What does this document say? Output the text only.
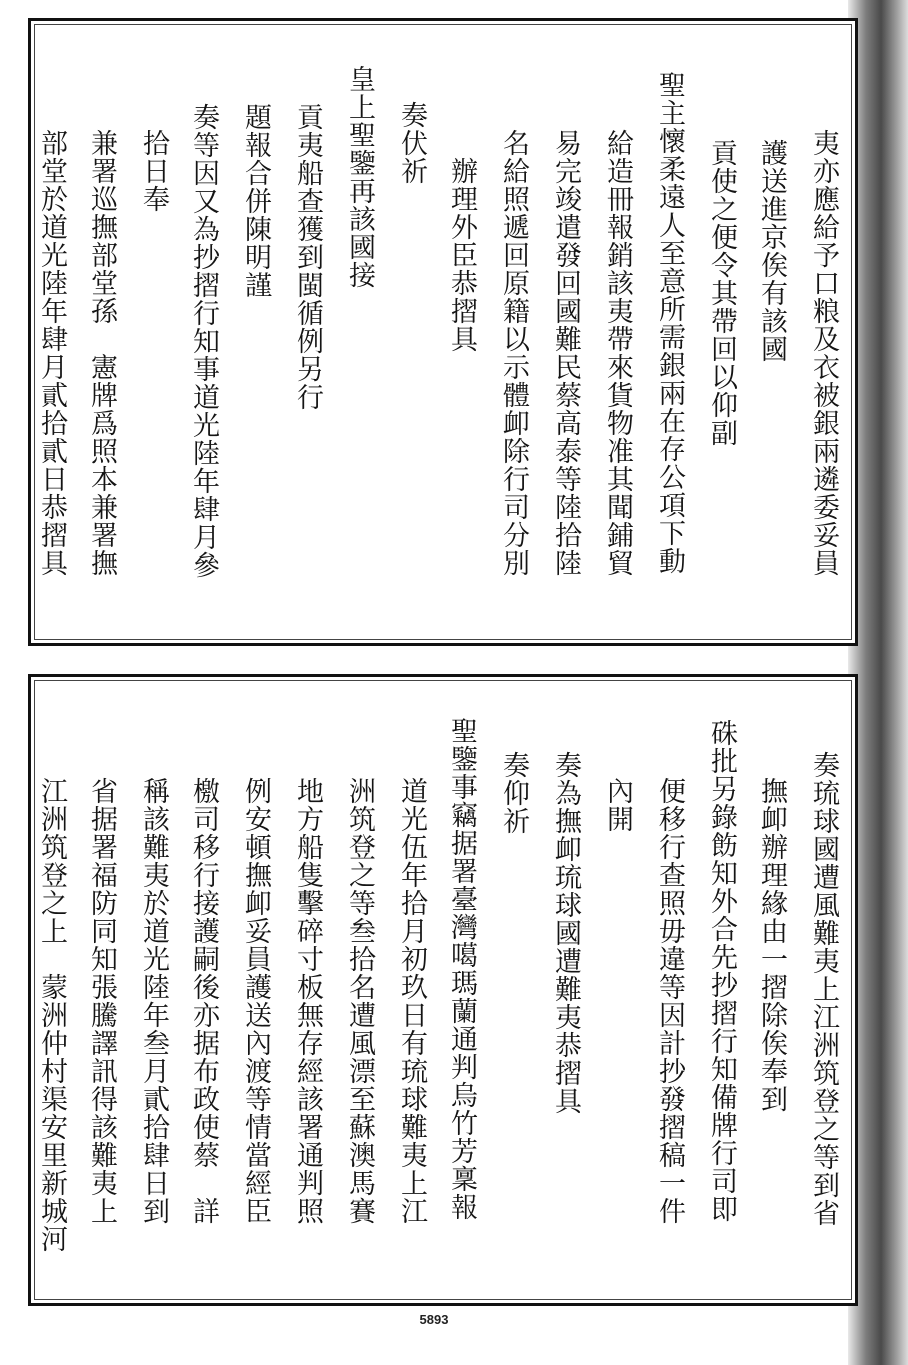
夷亦應給予口粮及衣被銀兩遴委妥員
護送進京俟有該國
貢使之便令其帶回以仰副
聖主懷柔遠人至意所需銀兩在存公項下動
給造冊報銷該夷帶來貨物准其聞鋪貿
易完竣遣發回國難民蔡高泰等陸拾陸
名給照遞回原籍以示體卹除行司分別
辦理外臣恭摺具
奏伏祈
皇上聖鑒再該國接
貢夷船查獲到閩循例另行
題報合併陳明謹
奏等因又為抄摺行知事道光陸年肆月參
拾日奉
兼署巡撫部堂孫　憲牌爲照本兼署撫
部堂於道光陸年肆月貳拾貳日恭摺具
奏琉球國遭風難夷上江洲筑登之等到省
撫卹辦理緣由一摺除俟奉到
硃批另錄飭知外合先抄摺行知備牌行司即
便移行查照毋違等因計抄發摺稿一件
內開
奏為撫卹琉球國遭難夷恭摺具
奏仰祈
聖鑒事竊据署臺灣噶瑪蘭通判烏竹芳稟報
道光伍年拾月初玖日有琉球難夷上江
洲筑登之等叁拾名遭風漂至蘇澳馬賽
地方船隻擊碎寸板無存經該署通判照
例安頓撫卹妥員護送內渡等情當經臣
檄司移行接護嗣後亦据布政使蔡　詳
稱該難夷於道光陸年叁月貳拾肆日到
省据署福防同知張騰譯訊得該難夷上
江洲筑登之上　蒙洲仲村渠安里新城河
5893
